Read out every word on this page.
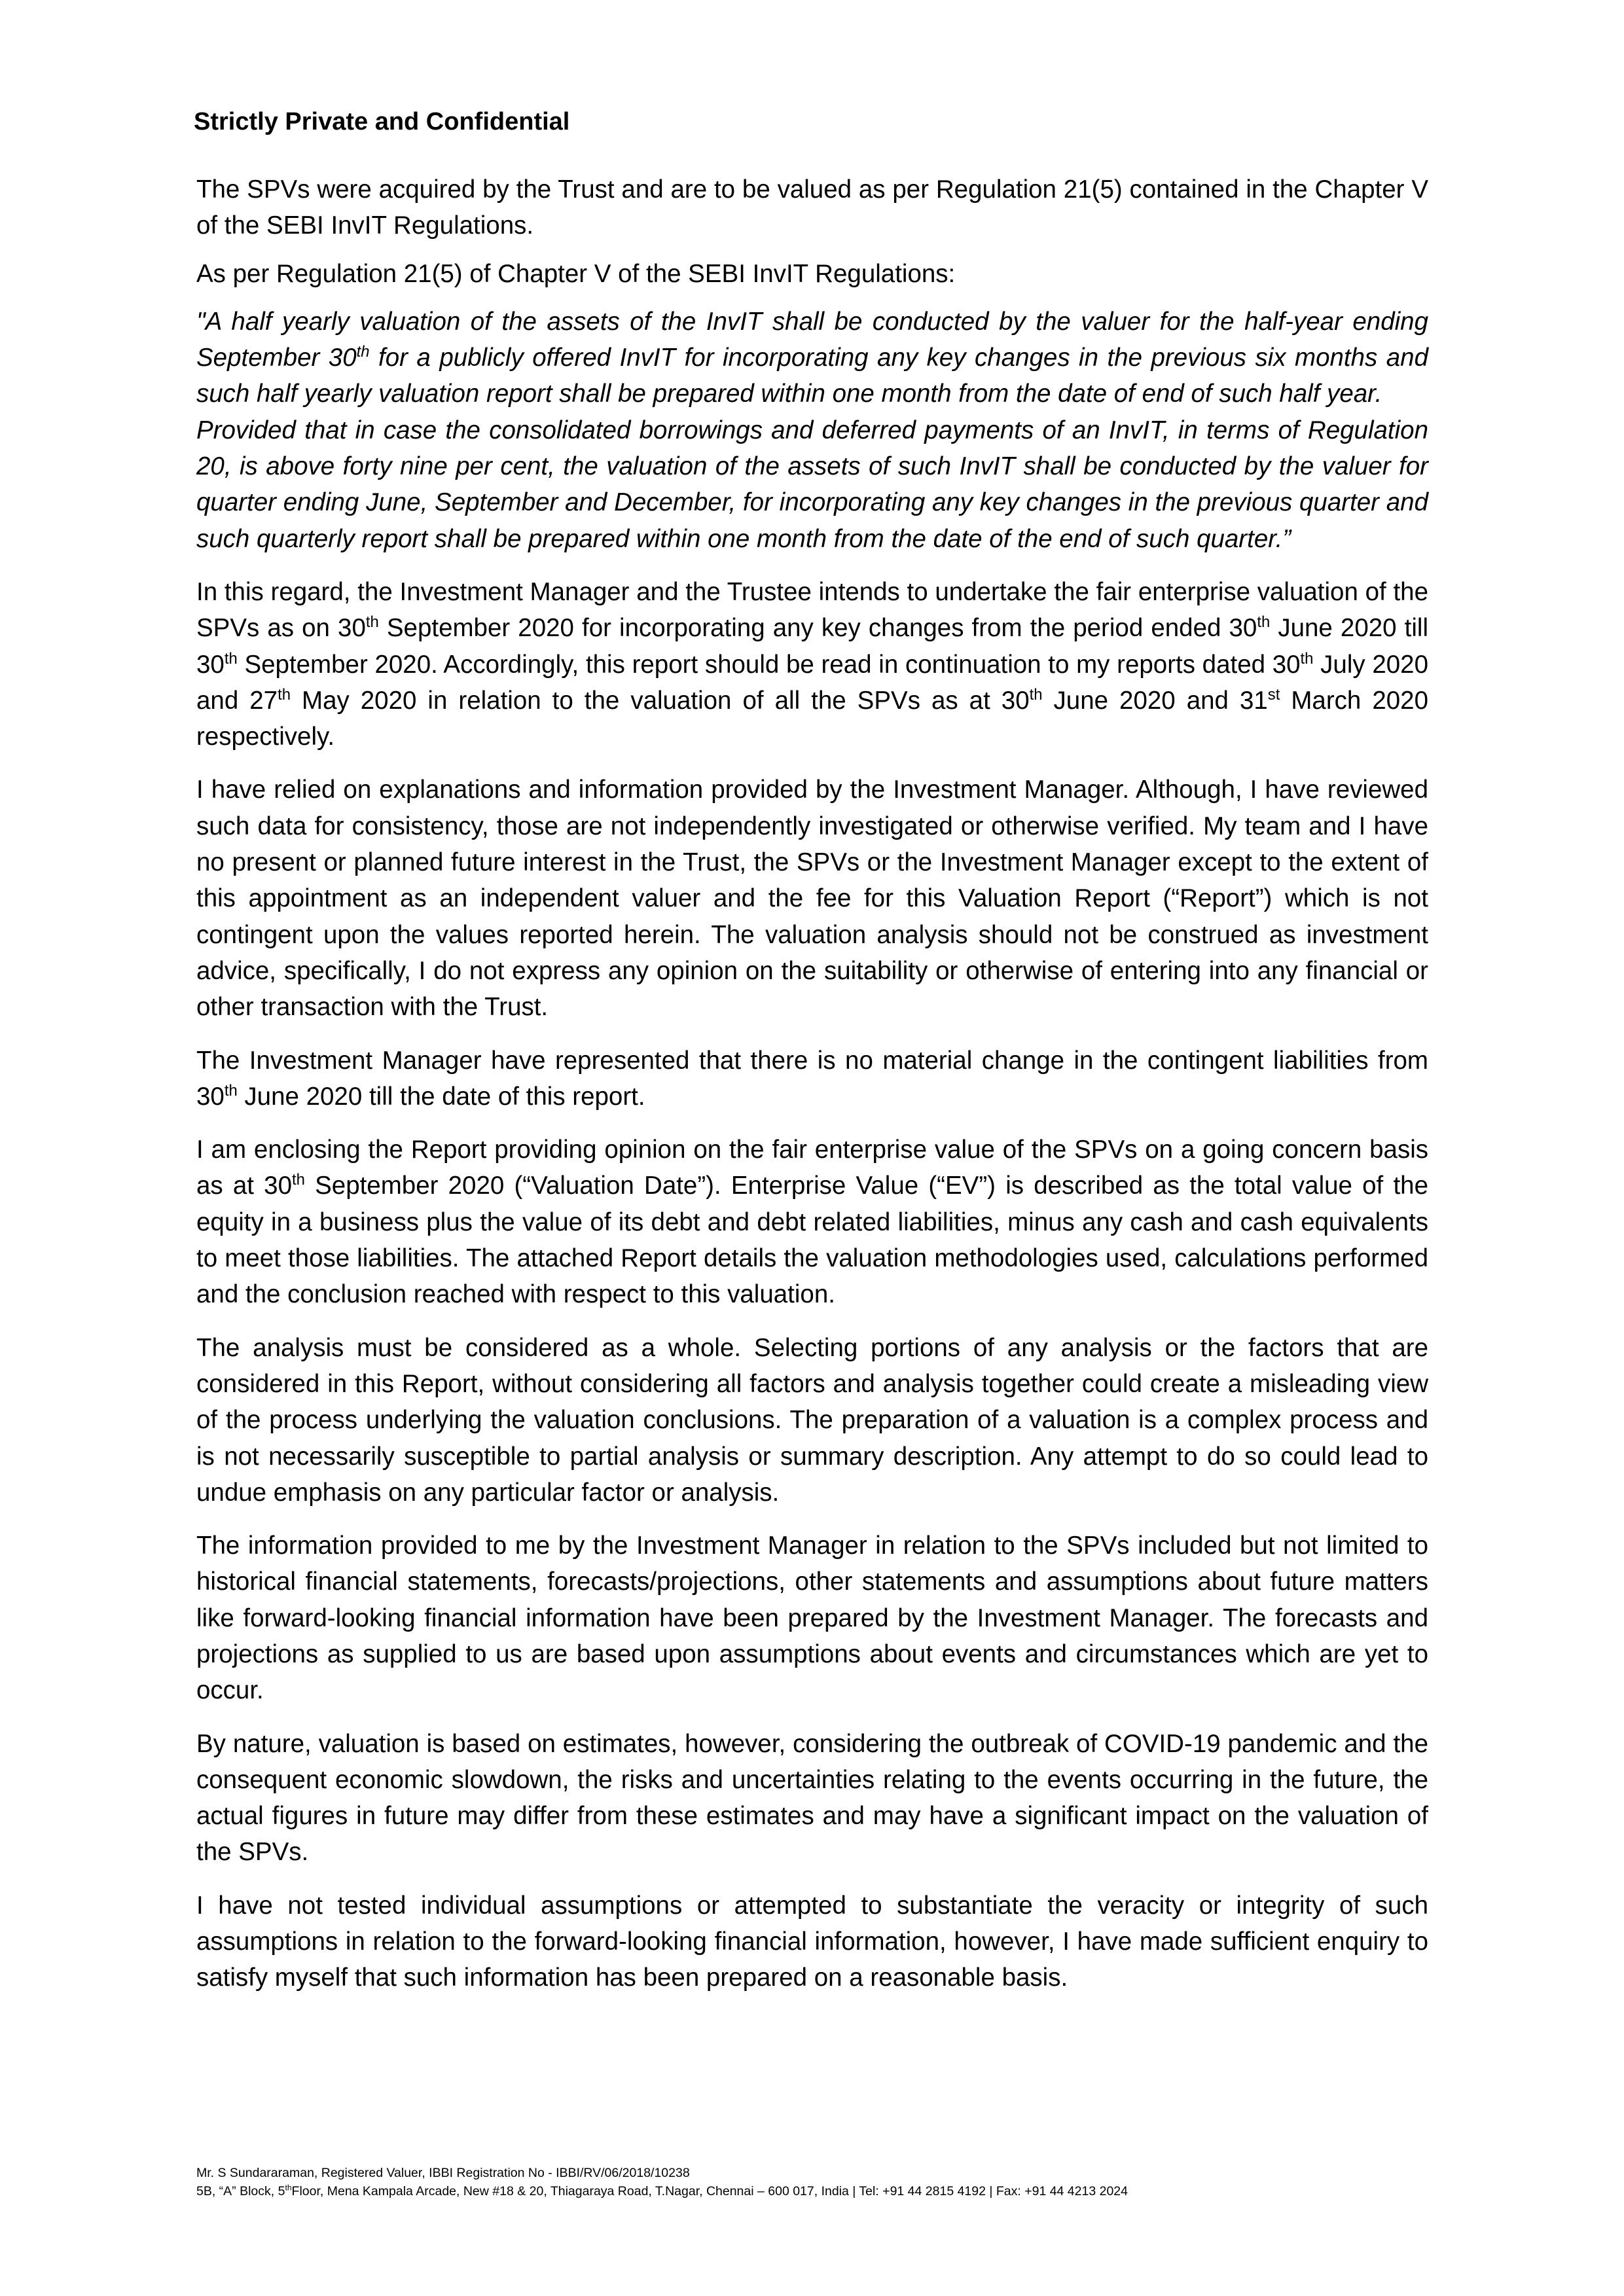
Strictly Private and Confidential

The SPVs were acquired by the Trust and are to be valued as per Regulation 21(5) contained in the Chapter V of the SEBI InvIT Regulations.

As per Regulation 21(5) of Chapter V of the SEBI InvIT Regulations:

"A half yearly valuation of the assets of the InvIT shall be conducted by the valuer for the half-year ending September 30th for a publicly offered InvIT for incorporating any key changes in the previous six months and such half yearly valuation report shall be prepared within one month from the date of end of such half year.

Provided that in case the consolidated borrowings and deferred payments of an InvIT, in terms of Regulation 20, is above forty nine per cent, the valuation of the assets of such InvIT shall be conducted by the valuer for quarter ending June, September and December, for incorporating any key changes in the previous quarter and such quarterly report shall be prepared within one month from the date of the end of such quarter.”

In this regard, the Investment Manager and the Trustee intends to undertake the fair enterprise valuation of the SPVs as on 30th September 2020 for incorporating any key changes from the period ended 30th June 2020 till 30th September 2020. Accordingly, this report should be read in continuation to my reports dated 30th July 2020 and 27th May 2020 in relation to the valuation of all the SPVs as at 30th June 2020 and 31st March 2020 respectively.

I have relied on explanations and information provided by the Investment Manager. Although, I have reviewed such data for consistency, those are not independently investigated or otherwise verified. My team and I have no present or planned future interest in the Trust, the SPVs or the Investment Manager except to the extent of this appointment as an independent valuer and the fee for this Valuation Report (“Report”) which is not contingent upon the values reported herein. The valuation analysis should not be construed as investment advice, specifically, I do not express any opinion on the suitability or otherwise of entering into any financial or other transaction with the Trust.

The Investment Manager have represented that there is no material change in the contingent liabilities from 30th June 2020 till the date of this report.

I am enclosing the Report providing opinion on the fair enterprise value of the SPVs on a going concern basis as at 30th September 2020 (“Valuation Date”). Enterprise Value (“EV”) is described as the total value of the equity in a business plus the value of its debt and debt related liabilities, minus any cash and cash equivalents to meet those liabilities. The attached Report details the valuation methodologies used, calculations performed and the conclusion reached with respect to this valuation.

The analysis must be considered as a whole. Selecting portions of any analysis or the factors that are considered in this Report, without considering all factors and analysis together could create a misleading view of the process underlying the valuation conclusions. The preparation of a valuation is a complex process and is not necessarily susceptible to partial analysis or summary description. Any attempt to do so could lead to undue emphasis on any particular factor or analysis.

The information provided to me by the Investment Manager in relation to the SPVs included but not limited to historical financial statements, forecasts/projections, other statements and assumptions about future matters like forward-looking financial information have been prepared by the Investment Manager. The forecasts and projections as supplied to us are based upon assumptions about events and circumstances which are yet to occur.

By nature, valuation is based on estimates, however, considering the outbreak of COVID-19 pandemic and the consequent economic slowdown, the risks and uncertainties relating to the events occurring in the future, the actual figures in future may differ from these estimates and may have a significant impact on the valuation of the SPVs.

I have not tested individual assumptions or attempted to substantiate the veracity or integrity of such assumptions in relation to the forward-looking financial information, however, I have made sufficient enquiry to satisfy myself that such information has been prepared on a reasonable basis.

Mr. S Sundararaman, Registered Valuer, IBBI Registration No - IBBI/RV/06/2018/10238
5B, “A” Block, 5thFloor, Mena Kampala Arcade, New #18 & 20, Thiagaraya Road, T.Nagar, Chennai – 600 017, India | Tel: +91 44 2815 4192 | Fax: +91 44 4213 2024
